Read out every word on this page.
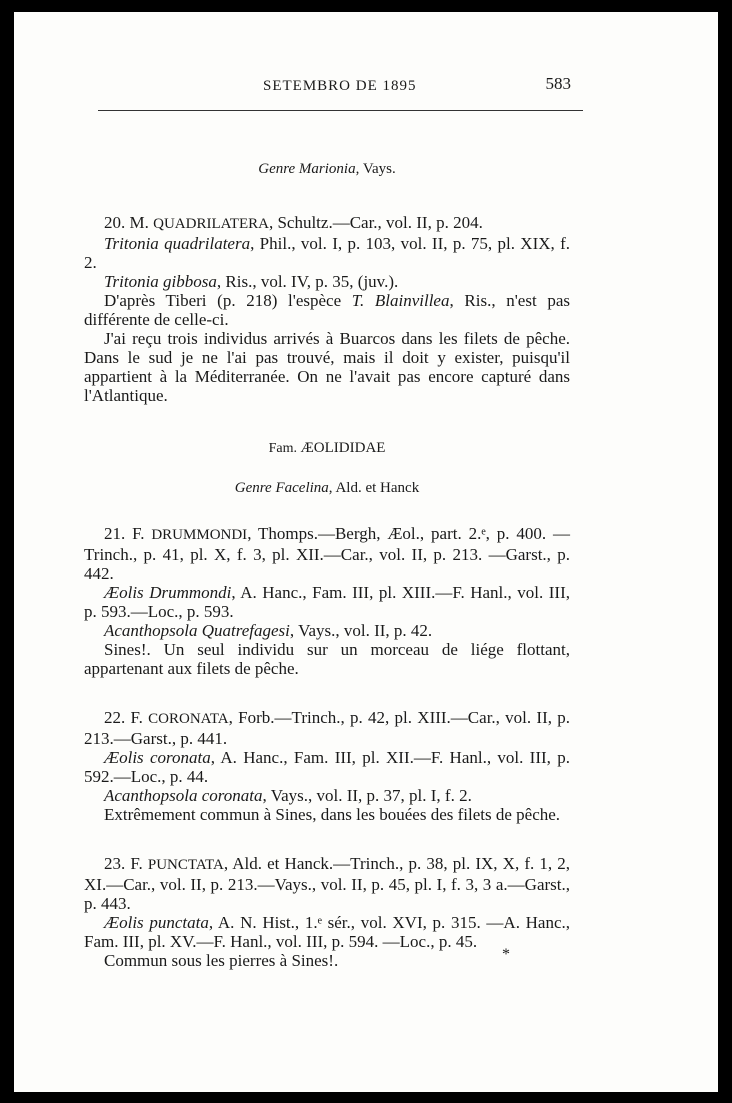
SETEMBRO DE 1895	583

Genre Marionia, Vays.

20. M. QUADRILATERA, Schultz.—Car., vol. II, p. 204.

Tritonia quadrilatera, Phil., vol. I, p. 103, vol. II, p. 75, pl. XIX, f. 2.

Tritonia gibbosa, Ris., vol. IV, p. 35, (juv.).

D'après Tiberi (p. 218) l'espèce T. Blainvillea, Ris., n'est pas différente de celle-ci.

J'ai reçu trois individus arrivés à Buarcos dans les filets de pêche. Dans le sud je ne l'ai pas trouvé, mais il doit y exister, puisqu'il appartient à la Méditerranée. On ne l'avait pas encore capturé dans l'Atlantique.

Fam. ÆOLIDIDAE

Genre Facelina, Ald. et Hanck

21. F. DRUMMONDI, Thomps.—Bergh, Æol., part. 2.ᵉ, p. 400. —Trinch., p. 41, pl. X, f. 3, pl. XII.—Car., vol. II, p. 213. —Garst., p. 442.

Æolis Drummondi, A. Hanc., Fam. III, pl. XIII.—F. Hanl., vol. III, p. 593.—Loc., p. 593.

Acanthopsola Quatrefagesi, Vays., vol. II, p. 42.

Sines!. Un seul individu sur un morceau de liége flottant, appartenant aux filets de pêche.

22. F. CORONATA, Forb.—Trinch., p. 42, pl. XIII.—Car., vol. II, p. 213.—Garst., p. 441.

Æolis coronata, A. Hanc., Fam. III, pl. XII.—F. Hanl., vol. III, p. 592.—Loc., p. 44.

Acanthopsola coronata, Vays., vol. II, p. 37, pl. I, f. 2.

Extrêmement commun à Sines, dans les bouées des filets de pêche.

23. F. PUNCTATA, Ald. et Hanck.—Trinch., p. 38, pl. IX, X, f. 1, 2, XI.—Car., vol. II, p. 213.—Vays., vol. II, p. 45, pl. I, f. 3, 3 a.—Garst., p. 443.

Æolis punctata, A. N. Hist., 1.ᵉ sér., vol. XVI, p. 315. —A. Hanc., Fam. III, pl. XV.—F. Hanl., vol. III, p. 594. —Loc., p. 45.

Commun sous les pierres à Sines!.	*
